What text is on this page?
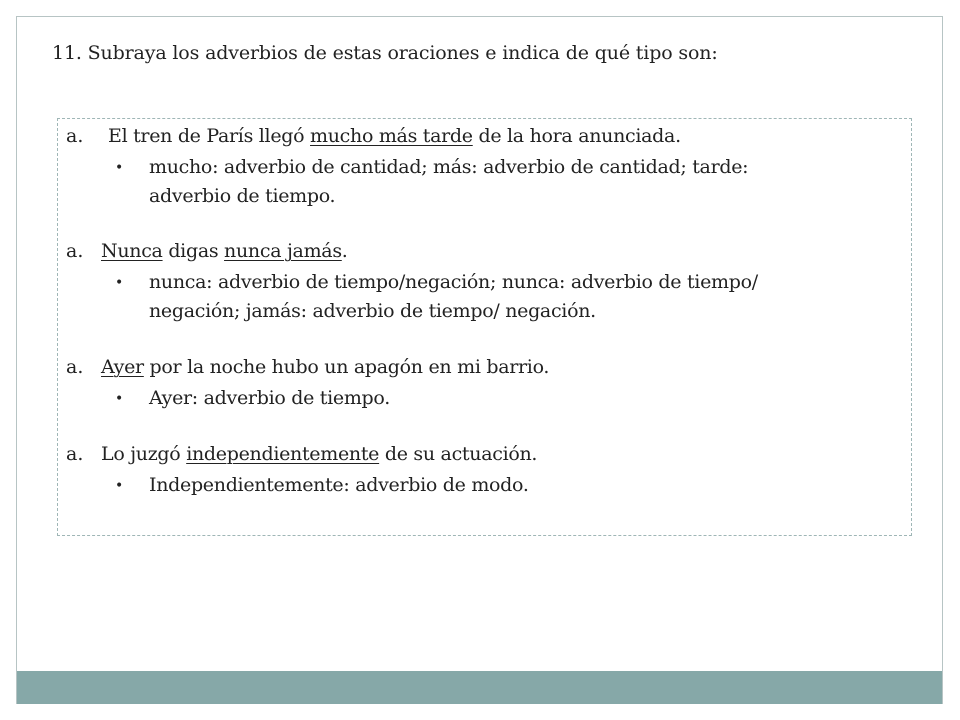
11. Subraya los adverbios de estas oraciones e indica de qué tipo son:
a. El tren de París llegó mucho más tarde de la hora anunciada.
• mucho: adverbio de cantidad; más: adverbio de cantidad; tarde:
adverbio de tiempo.
a. Nunca digas nunca jamás.
• nunca: adverbio de tiempo/negación; nunca: adverbio de tiempo/
negación; jamás: adverbio de tiempo/ negación.
a. Ayer por la noche hubo un apagón en mi barrio.
• Ayer: adverbio de tiempo.
a. Lo juzgó independientemente de su actuación.
• Independientemente: adverbio de modo.
